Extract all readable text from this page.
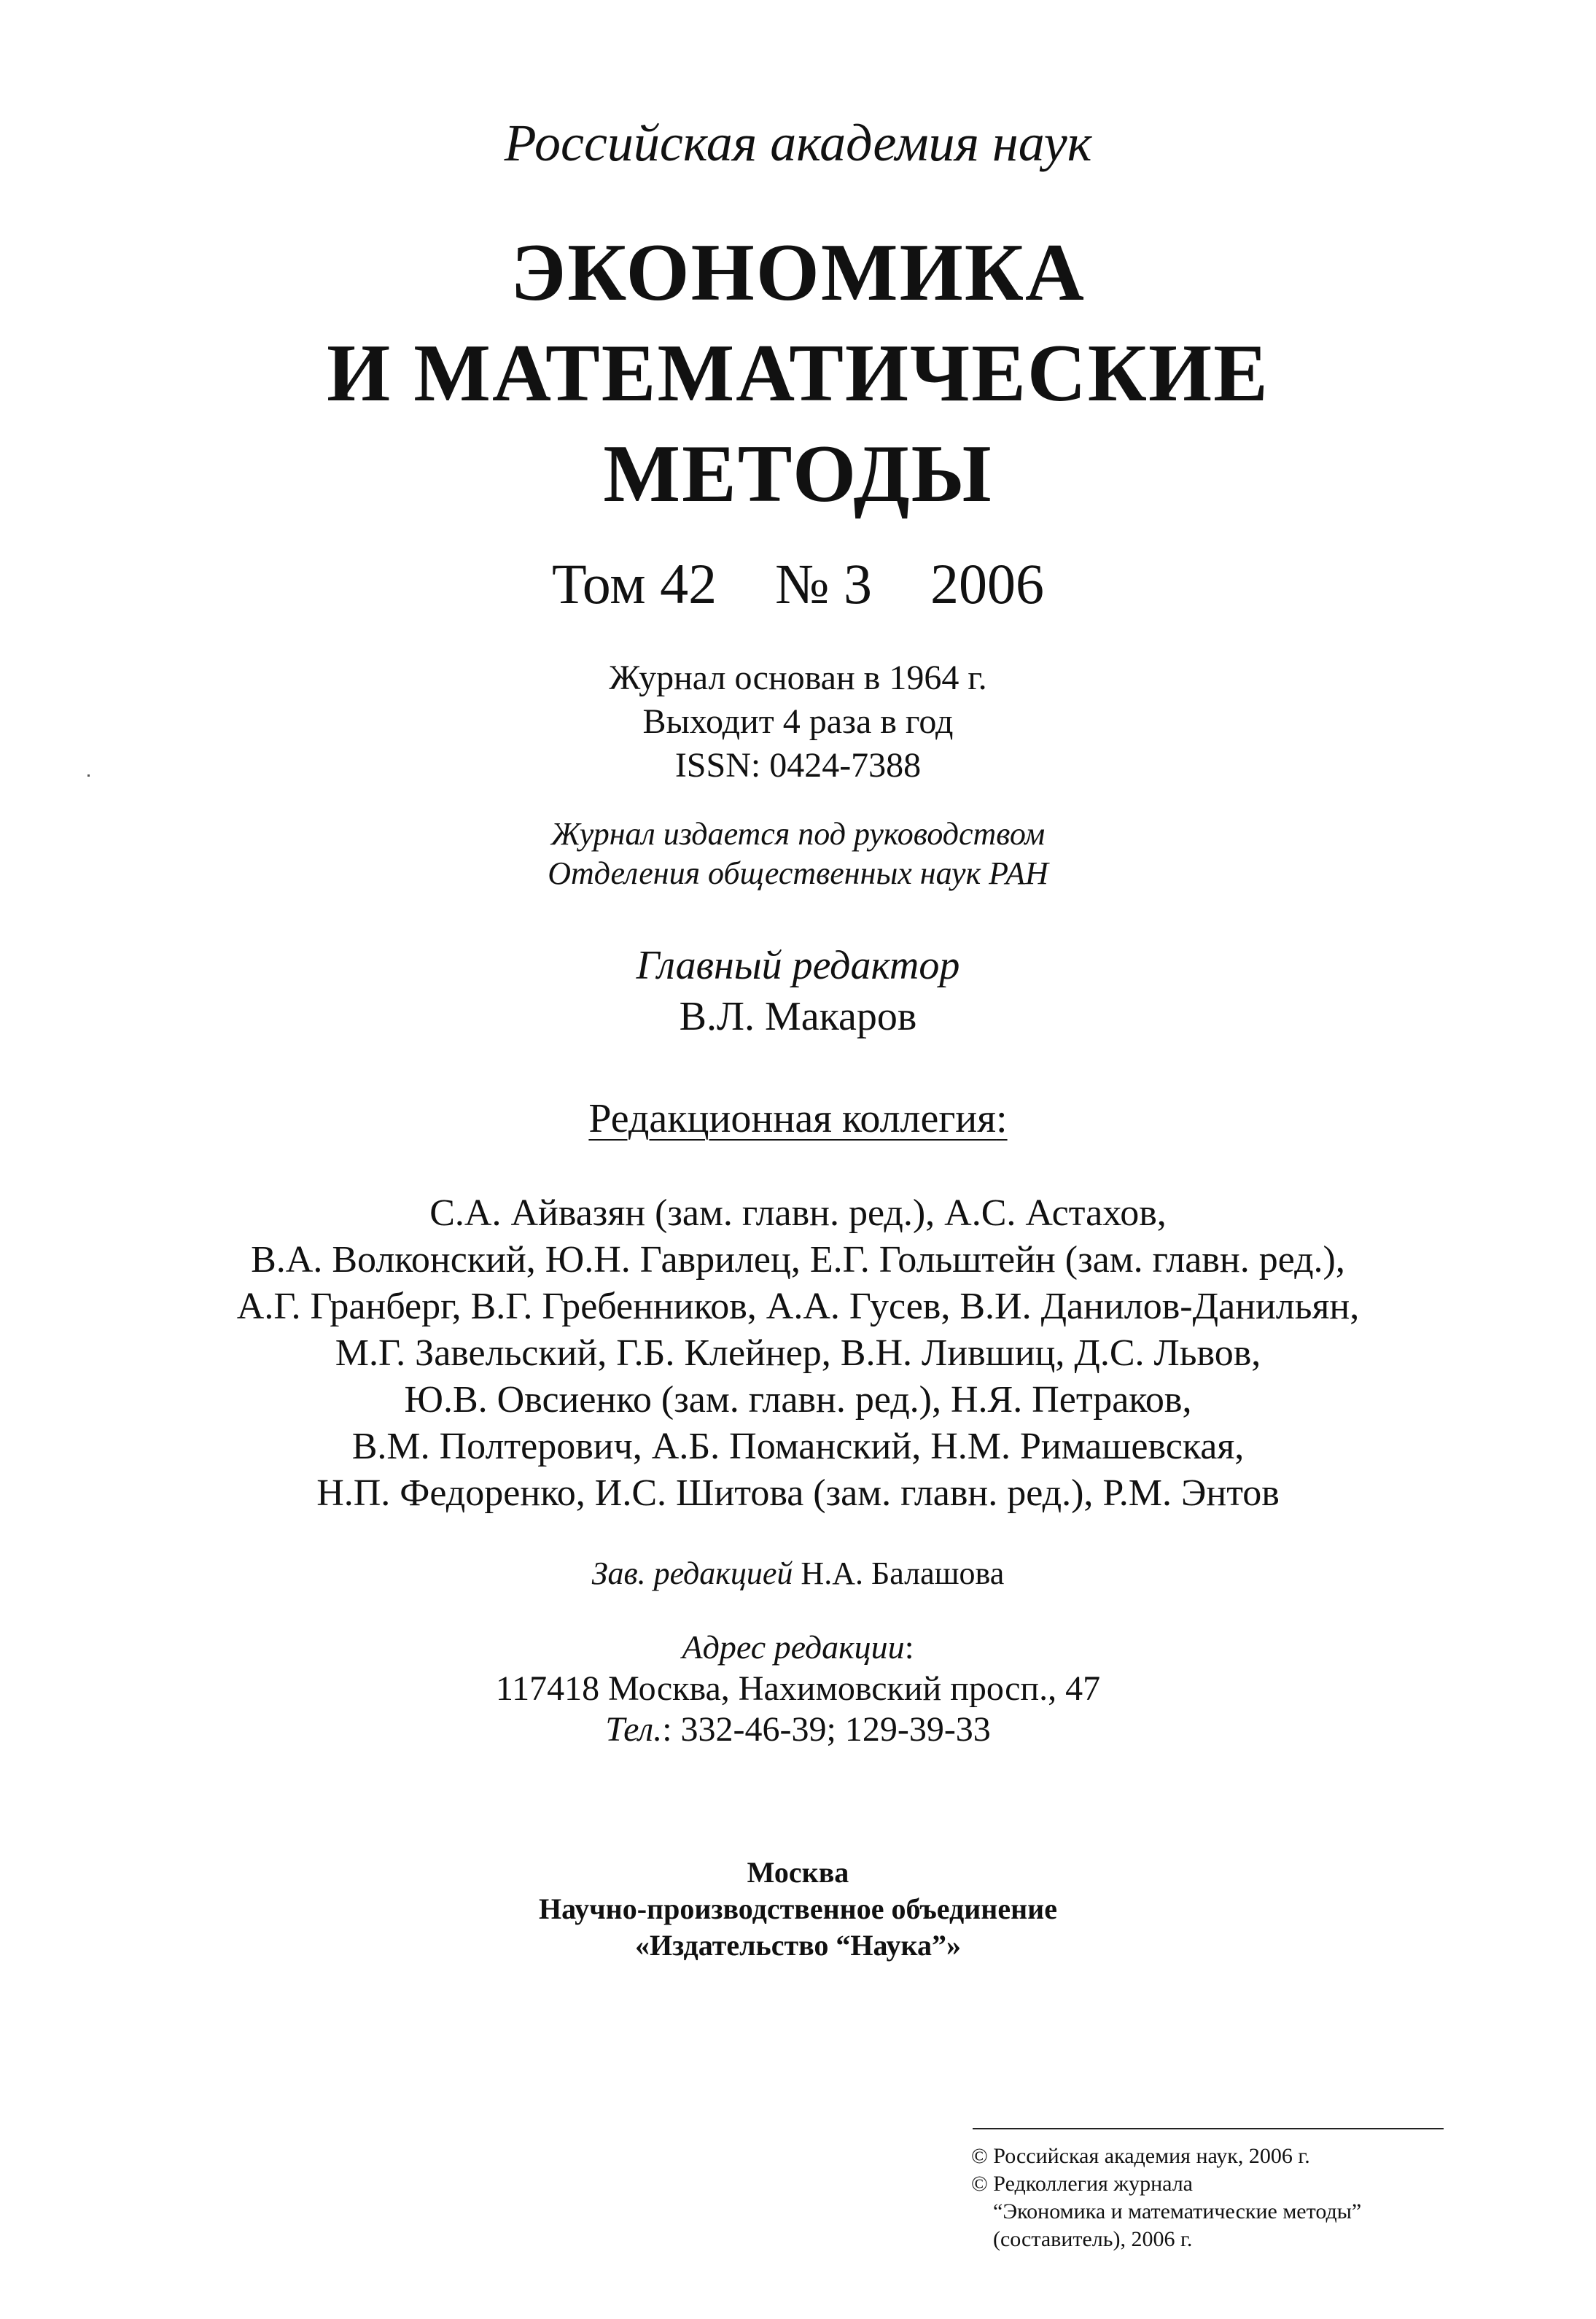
Российская академия наук
ЭКОНОМИКА
И МАТЕМАТИЧЕСКИЕ
МЕТОДЫ
Том 42 № 3 2006
Журнал основан в 1964 г.
Выходит 4 раза в год
ISSN: 0424-7388
Журнал издается под руководством
Отделения общественных наук РАН
Главный редактор
В.Л. Макаров
Редакционная коллегия:
С.А. Айвазян (зам. главн. ред.), А.С. Астахов,
В.А. Волконский, Ю.Н. Гаврилец, Е.Г. Гольштейн (зам. главн. ред.),
А.Г. Гранберг, В.Г. Гребенников, А.А. Гусев, В.И. Данилов-Данильян,
М.Г. Завельский, Г.Б. Клейнер, В.Н. Лившиц, Д.С. Львов,
Ю.В. Овсиенко (зам. главн. ред.), Н.Я. Петраков,
В.М. Полтерович, А.Б. Поманский, Н.М. Римашевская,
Н.П. Федоренко, И.С. Шитова (зам. главн. ред.), Р.М. Энтов
Зав. редакцией Н.А. Балашова
Адрес редакции:
117418 Москва, Нахимовский просп., 47
Тел.: 332-46-39; 129-39-33
Москва
Научно-производственное объединение
«Издательство “Наука”»
© Российская академия наук, 2006 г.
© Редколлегия журнала
“Экономика и математические методы”
(составитель), 2006 г.
